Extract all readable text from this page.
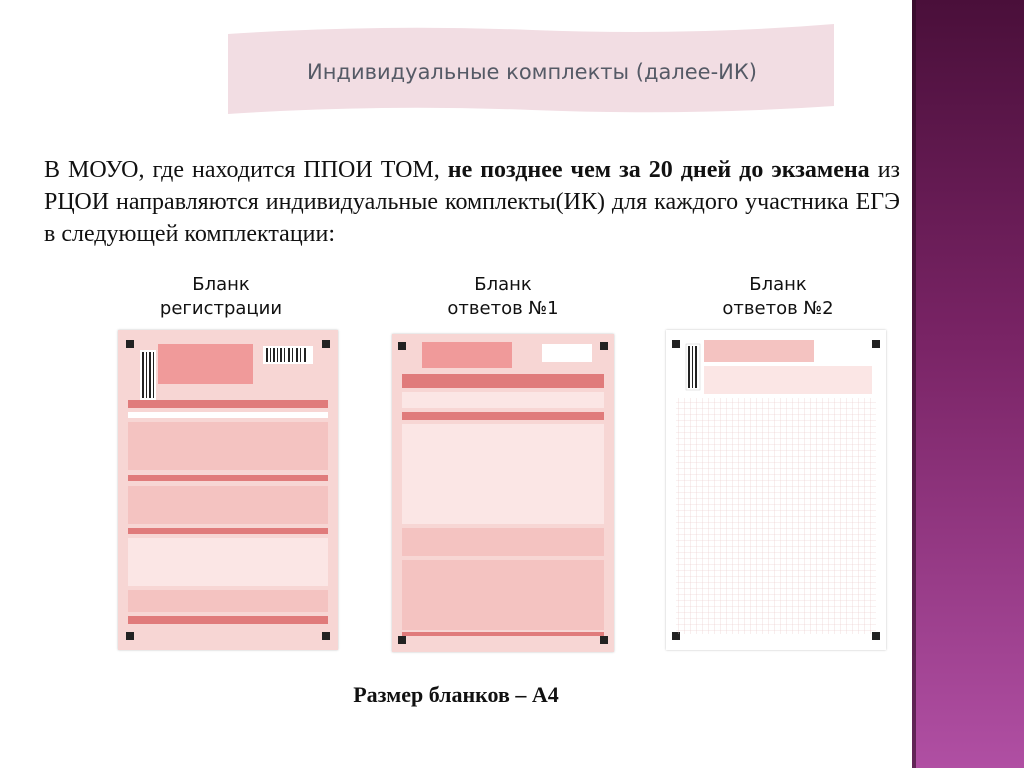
Индивидуальные комплекты (далее-ИК)
В МОУО, где находится ППОИ ТОМ, не позднее чем за 20 дней до экзамена из РЦОИ направляются индивидуальные комплекты(ИК) для каждого участника ЕГЭ в следующей комплектации:
Бланк
регистрации
Бланк
ответов №1
Бланк
ответов №2
Размер бланков – А4
